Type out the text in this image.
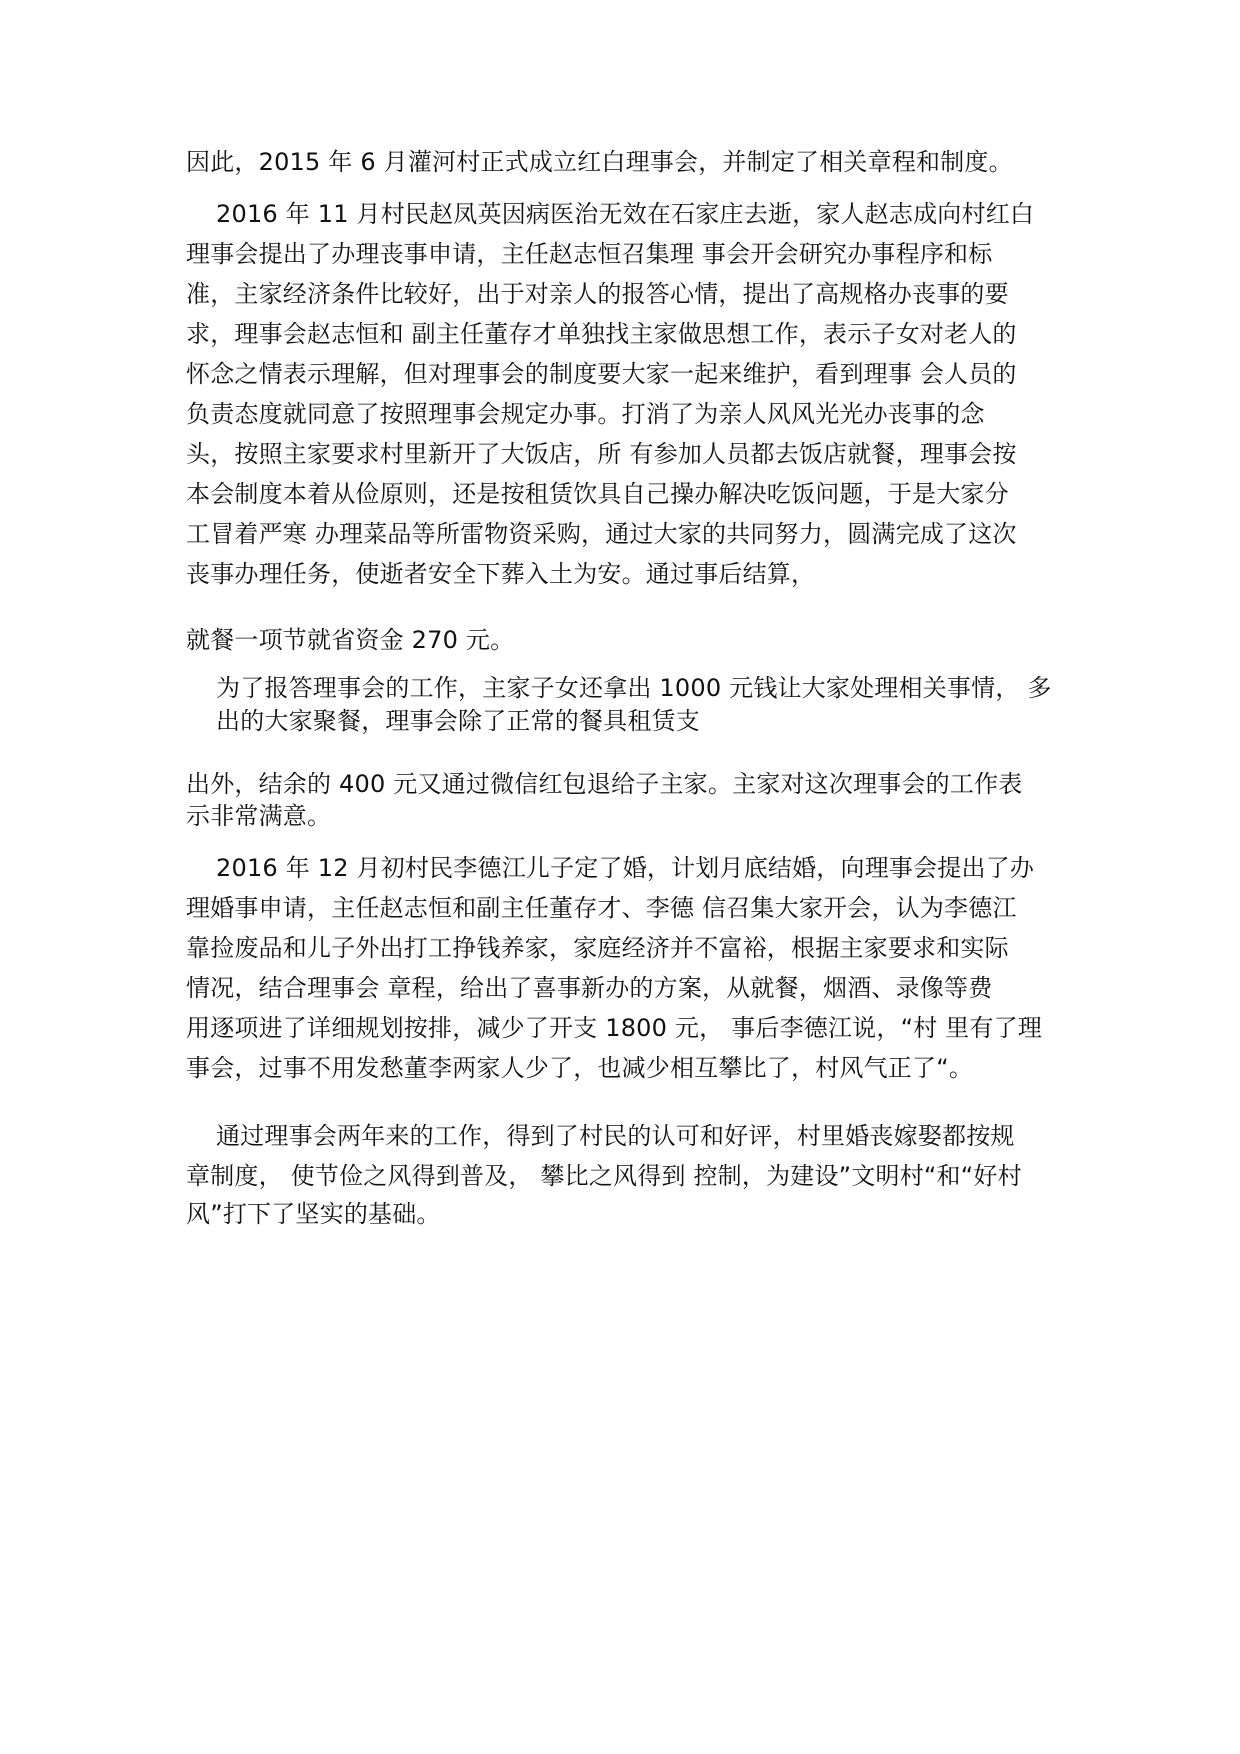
因此，2015 年 6 月灌河村正式成立红白理事会，并制定了相关章程和制度。
2016 年 11 月村民赵凤英因病医治无效在石家庄去逝，家人赵志成向村红白
理事会提出了办理丧事申请，主任赵志恒召集理 事会开会研究办事程序和标
准，主家经济条件比较好，出于对亲人的报答心情，提出了高规格办丧事的要
求，理事会赵志恒和 副主任董存才单独找主家做思想工作，表示子女对老人的
怀念之情表示理解，但对理事会的制度要大家一起来维护，看到理事 会人员的
负责态度就同意了按照理事会规定办事。打消了为亲人风风光光办丧事的念
头，按照主家要求村里新开了大饭店，所 有参加人员都去饭店就餐，理事会按
本会制度本着从俭原则，还是按租赁饮具自己操办解决吃饭问题，于是大家分
工冒着严寒 办理菜品等所雷物资采购，通过大家的共同努力，圆满完成了这次
丧事办理任务，使逝者安全下葬入土为安。通过事后结算，
就餐一项节就省资金 270 元。
为了报答理事会的工作，主家子女还拿出 1000 元钱让大家处理相关事情， 多
出的大家聚餐，理事会除了正常的餐具租赁支
出外，结余的 400 元又通过微信红包退给子主家。主家对这次理事会的工作表
示非常满意。
2016 年 12 月初村民李德江儿子定了婚，计划月底结婚，向理事会提出了办
理婚事申请，主任赵志恒和副主任董存才、李德 信召集大家开会，认为李德江
靠捡废品和儿子外出打工挣钱养家，家庭经济并不富裕，根据主家要求和实际
情况，结合理事会 章程，给出了喜事新办的方案，从就餐，烟酒、录像等费
用逐项进了详细规划按排，减少了开支 1800 元， 事后李德江说，“村 里有了理
事会，过事不用发愁董李两家人少了，也减少相互攀比了，村风气正了“。
通过理事会两年来的工作，得到了村民的认可和好评，村里婚丧嫁娶都按规
章制度， 使节俭之风得到普及， 攀比之风得到 控制，为建设”文明村“和“好村
风”打下了坚实的基础。
